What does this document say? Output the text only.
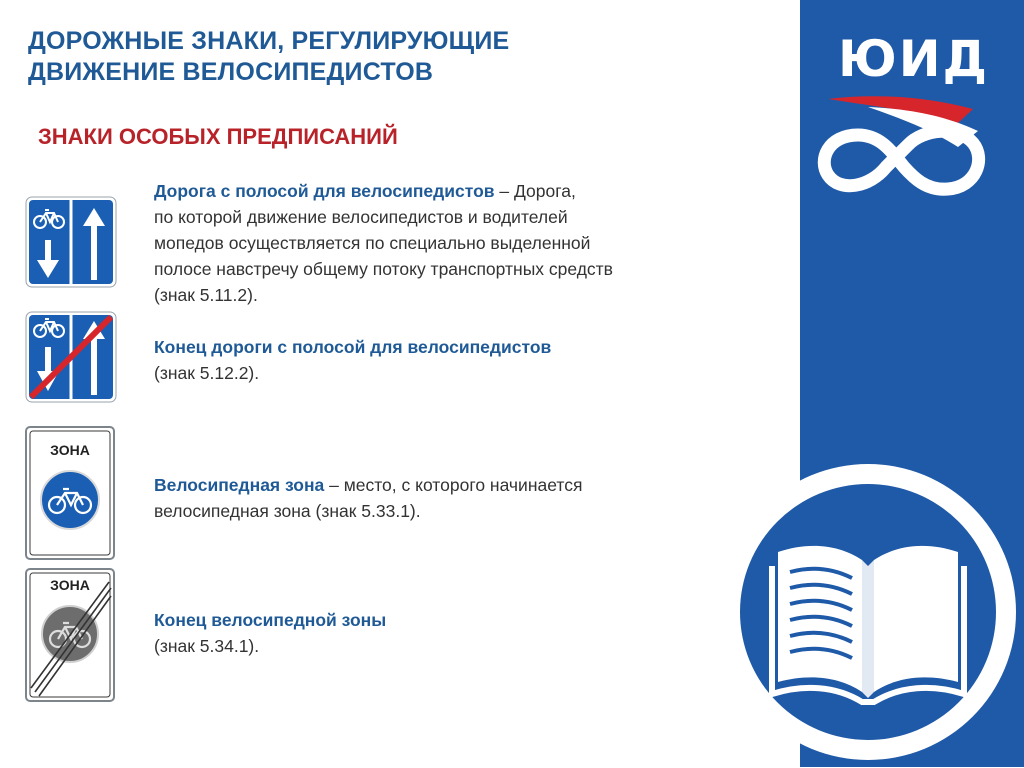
ДОРОЖНЫЕ ЗНАКИ, РЕГУЛИРУЮЩИЕ
ДВИЖЕНИЕ ВЕЛОСИПЕДИСТОВ
ЗНАКИ ОСОБЫХ ПРЕДПИСАНИЙ
ЗОНА
ЗОНА
Дорога с полосой для велосипедистов – Дорога,
по которой движение велосипедистов и водителей
мопедов осуществляется по специально выделенной
полосе навстречу общему потоку транспортных средств
(знак 5.11.2).
Конец дороги с полосой для велосипедистов
(знак 5.12.2).
Велосипедная зона – место, с которого начинается
велосипедная зона (знак 5.33.1).
Конец велосипедной зоны
(знак 5.34.1).
ЮИД
